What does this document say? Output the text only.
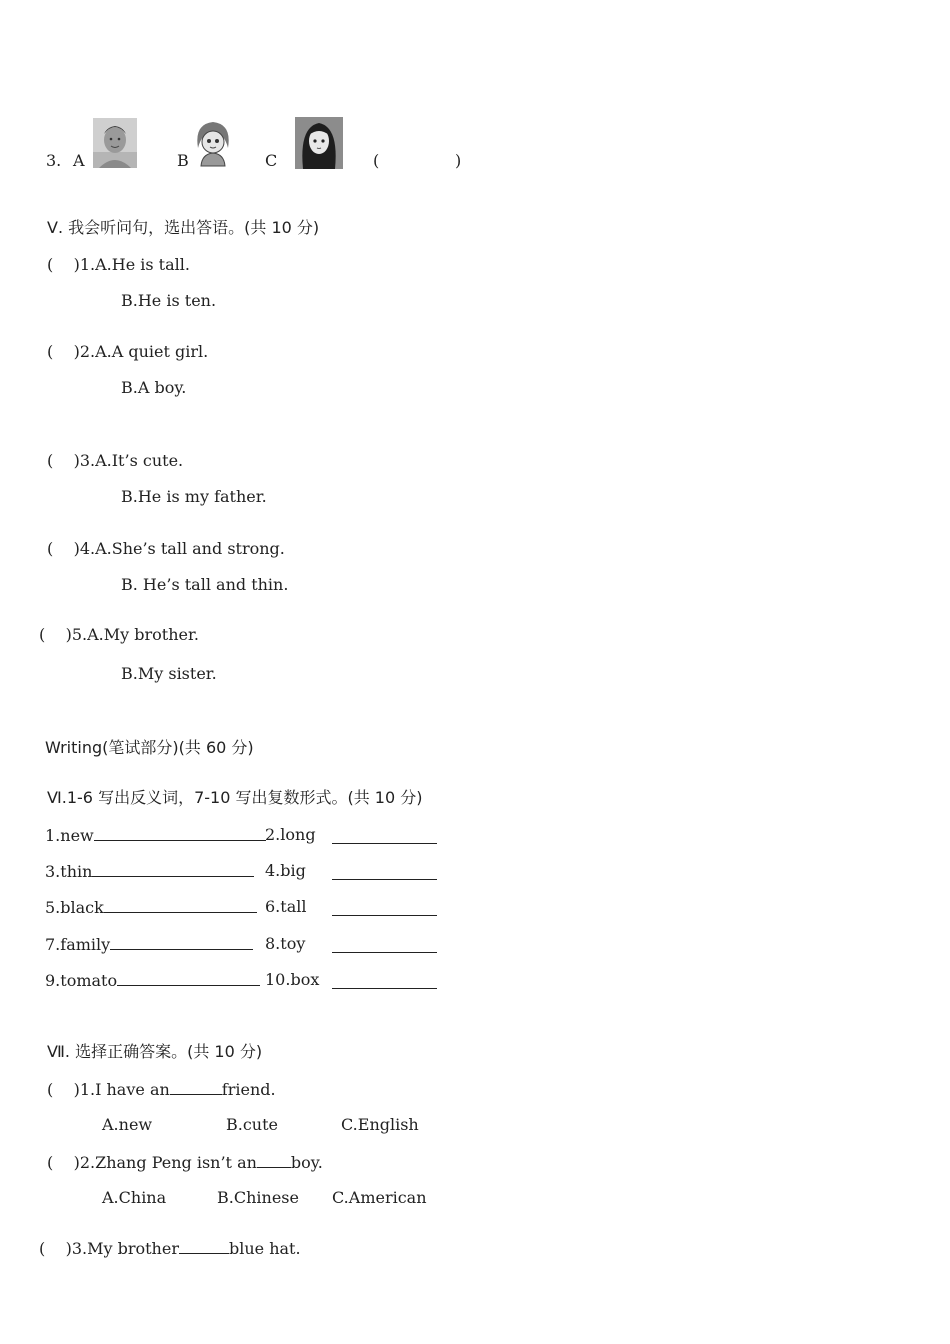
3. A	B	C	(	)
Ⅴ. 我会听问句，选出答语。(共 10 分)
(    )1.A.He is tall.
B.He is ten.
(    )2.A.A quiet girl.
B.A boy.
(    )3.A.It’s cute.
B.He is my father.
(    )4.A.She’s tall and strong.
B. He’s tall and thin.
(    )5.A.My brother.
B.My sister.
Writing(笔试部分)(共 60 分)
Ⅵ.1-6 写出反义词，7-10 写出复数形式。(共 10 分)
1.new	2.long
3.thin	4.big
5.black	6.tall
7.family	8.toy
9.tomato	10.box
Ⅶ. 选择正确答案。(共 10 分)
(    )1.I have an	friend.
A.new	B.cute	C.English
(    )2.Zhang Peng isn’t an boy.
A.China	B.Chinese C.American
(    )3.My brother	blue hat.
